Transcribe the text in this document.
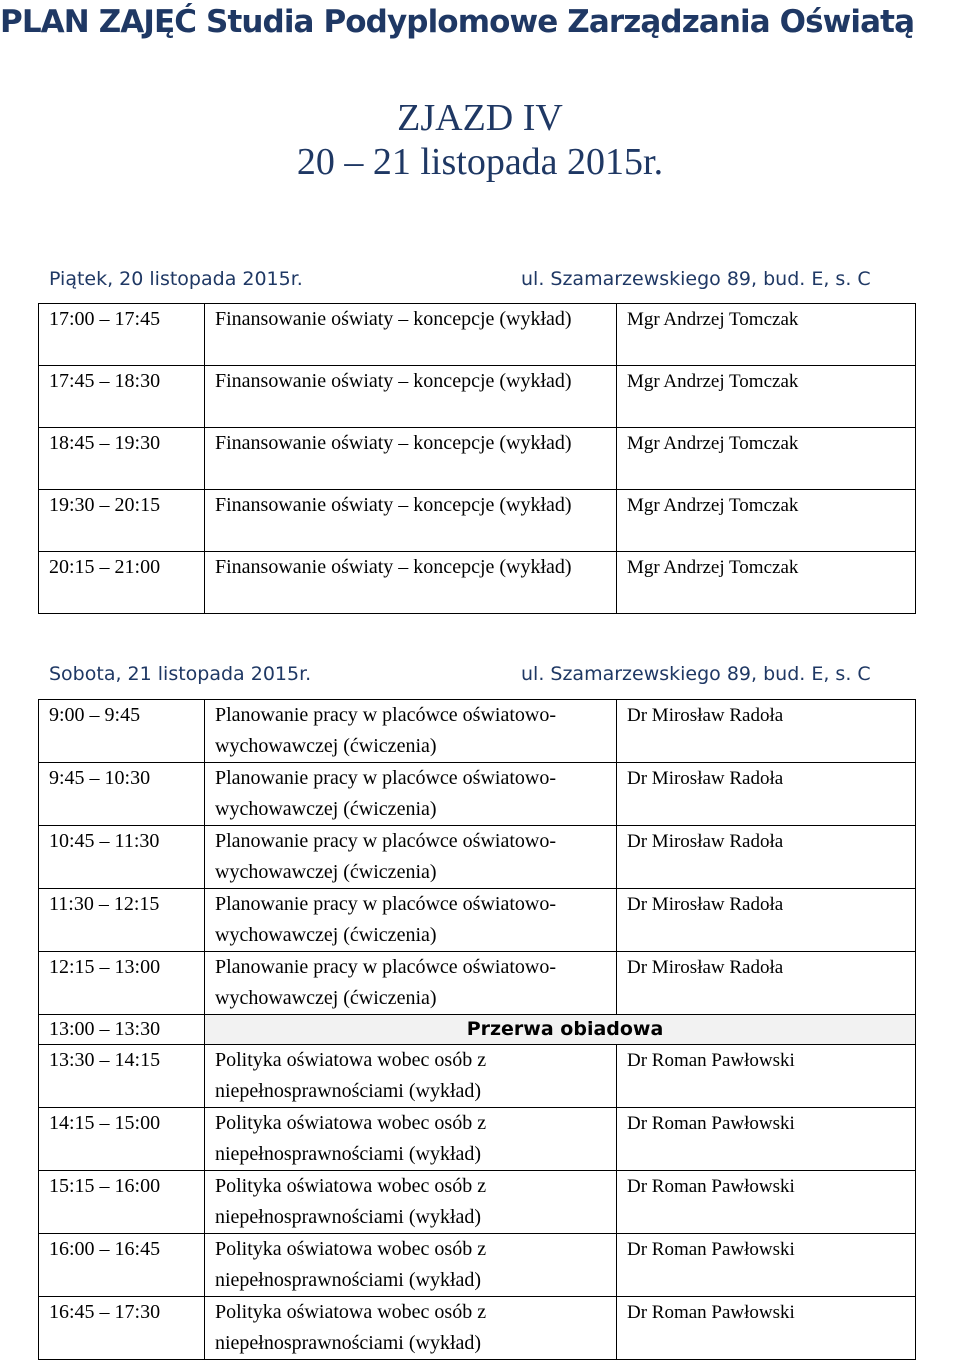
PLAN ZAJĘĆ Studia Podyplomowe Zarządzania Oświatą
ZJAZD IV
20 – 21 listopada 2015r.
Piątek, 20 listopada 2015r.	ul. Szamarzewskiego 89, bud. E, s. C
17:00 – 17:45	Finansowanie oświaty – koncepcje (wykład)	Mgr Andrzej Tomczak
17:45 – 18:30	Finansowanie oświaty – koncepcje (wykład)	Mgr Andrzej Tomczak
18:45 – 19:30	Finansowanie oświaty – koncepcje (wykład)	Mgr Andrzej Tomczak
19:30 – 20:15	Finansowanie oświaty – koncepcje (wykład)	Mgr Andrzej Tomczak
20:15 – 21:00	Finansowanie oświaty – koncepcje (wykład)	Mgr Andrzej Tomczak
Sobota, 21 listopada 2015r.	ul. Szamarzewskiego 89, bud. E, s. C
9:00 – 9:45	Planowanie pracy w placówce oświatowo-wychowawczej (ćwiczenia)	Dr Mirosław Radoła
9:45 – 10:30	Planowanie pracy w placówce oświatowo-wychowawczej (ćwiczenia)	Dr Mirosław Radoła
10:45 – 11:30	Planowanie pracy w placówce oświatowo-wychowawczej (ćwiczenia)	Dr Mirosław Radoła
11:30 – 12:15	Planowanie pracy w placówce oświatowo-wychowawczej (ćwiczenia)	Dr Mirosław Radoła
12:15 – 13:00	Planowanie pracy w placówce oświatowo-wychowawczej (ćwiczenia)	Dr Mirosław Radoła
13:00 – 13:30	Przerwa obiadowa	
13:30 – 14:15	Polityka oświatowa wobec osób z niepełnosprawnościami (wykład)	Dr Roman Pawłowski
14:15 – 15:00	Polityka oświatowa wobec osób z niepełnosprawnościami (wykład)	Dr Roman Pawłowski
15:15 – 16:00	Polityka oświatowa wobec osób z niepełnosprawnościami (wykład)	Dr Roman Pawłowski
16:00 – 16:45	Polityka oświatowa wobec osób z niepełnosprawnościami (wykład)	Dr Roman Pawłowski
16:45 – 17:30	Polityka oświatowa wobec osób z niepełnosprawnościami (wykład)	Dr Roman Pawłowski
